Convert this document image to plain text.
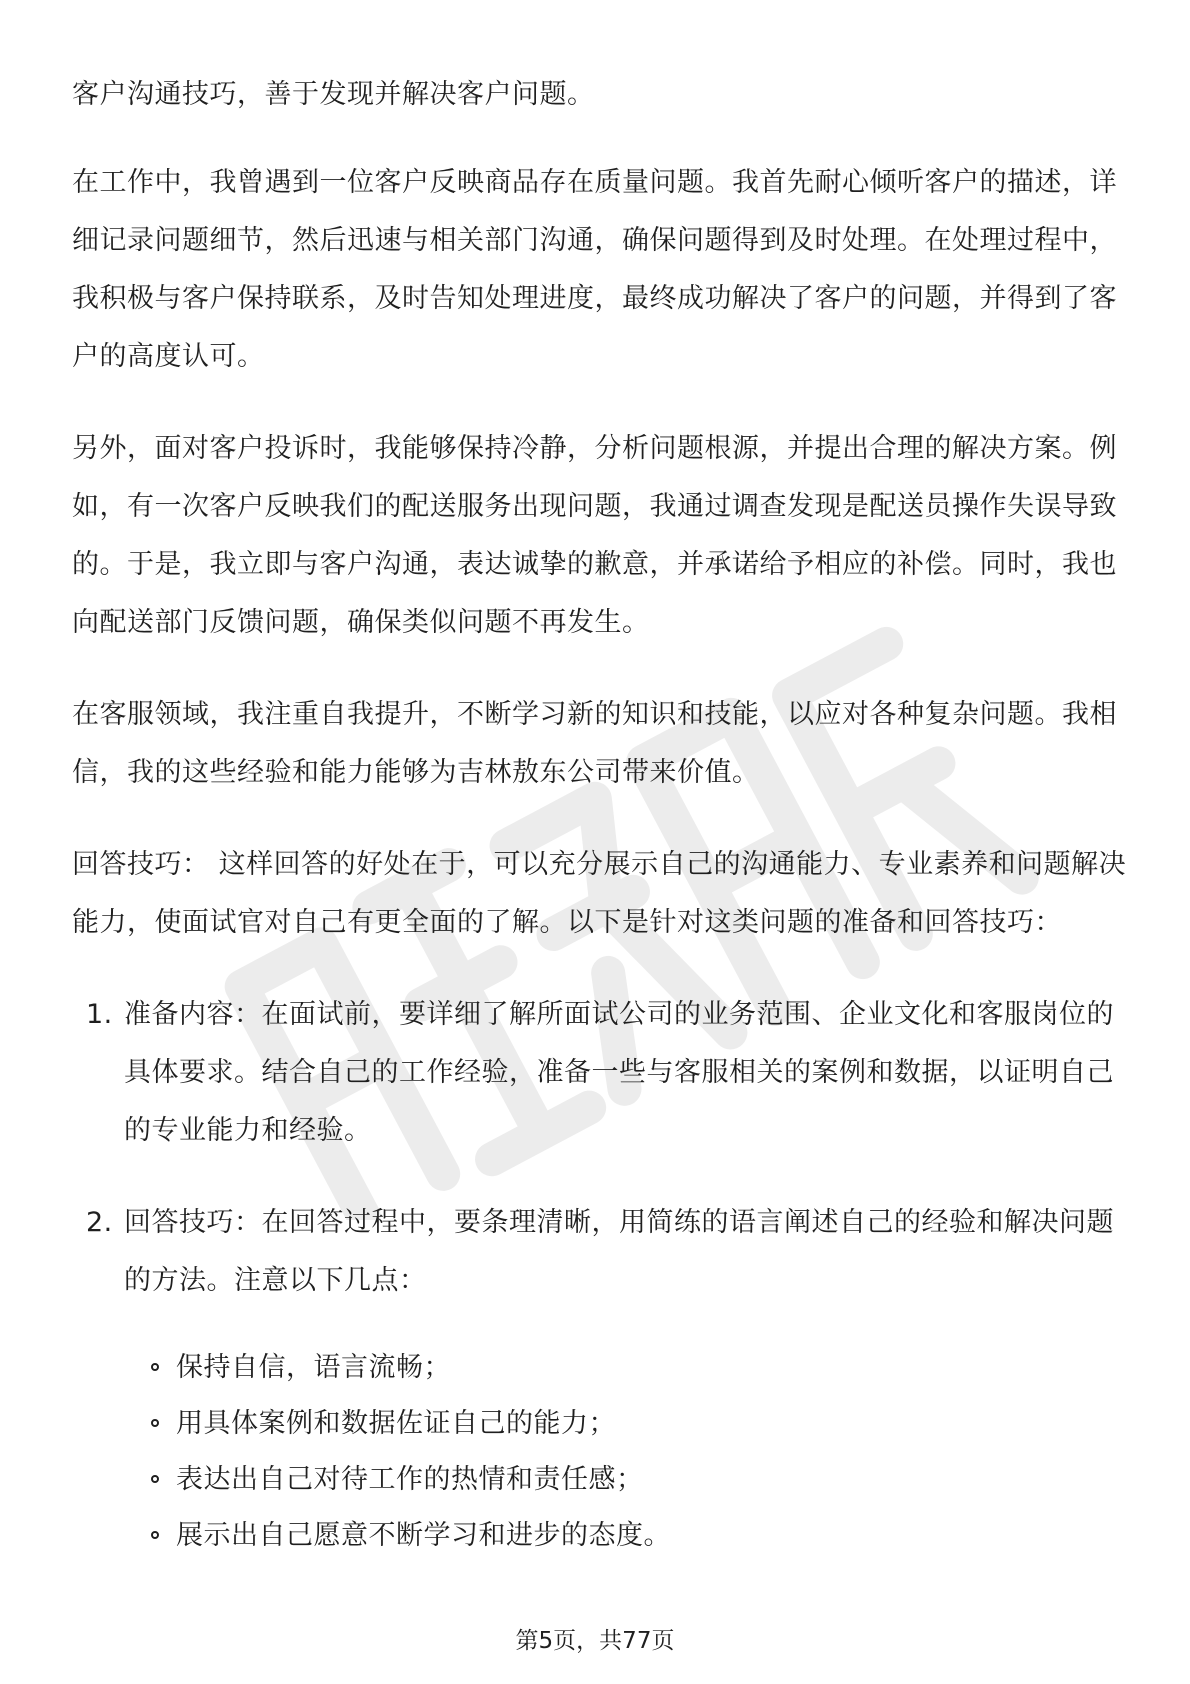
客户沟通技巧，善于发现并解决客户问题。

在工作中，我曾遇到一位客户反映商品存在质量问题。我首先耐心倾听客户的描述，详细记录问题细节，然后迅速与相关部门沟通，确保问题得到及时处理。在处理过程中，我积极与客户保持联系，及时告知处理进度，最终成功解决了客户的问题，并得到了客户的高度认可。

另外，面对客户投诉时，我能够保持冷静，分析问题根源，并提出合理的解决方案。例如，有一次客户反映我们的配送服务出现问题，我通过调查发现是配送员操作失误导致的。于是，我立即与客户沟通，表达诚挚的歉意，并承诺给予相应的补偿。同时，我也向配送部门反馈问题，确保类似问题不再发生。

在客服领域，我注重自我提升，不断学习新的知识和技能，以应对各种复杂问题。我相信，我的这些经验和能力能够为吉林敖东公司带来价值。

回答技巧： 这样回答的好处在于，可以充分展示自己的沟通能力、专业素养和问题解决能力，使面试官对自己有更全面的了解。以下是针对这类问题的准备和回答技巧：

1. 准备内容：在面试前，要详细了解所面试公司的业务范围、企业文化和客服岗位的具体要求。结合自己的工作经验，准备一些与客服相关的案例和数据，以证明自己的专业能力和经验。
2. 回答技巧：在回答过程中，要条理清晰，用简练的语言阐述自己的经验和解决问题的方法。注意以下几点：
保持自信，语言流畅；
用具体案例和数据佐证自己的能力；
表达出自己对待工作的热情和责任感；
展示出自己愿意不断学习和进步的态度。
第5页，共77页
